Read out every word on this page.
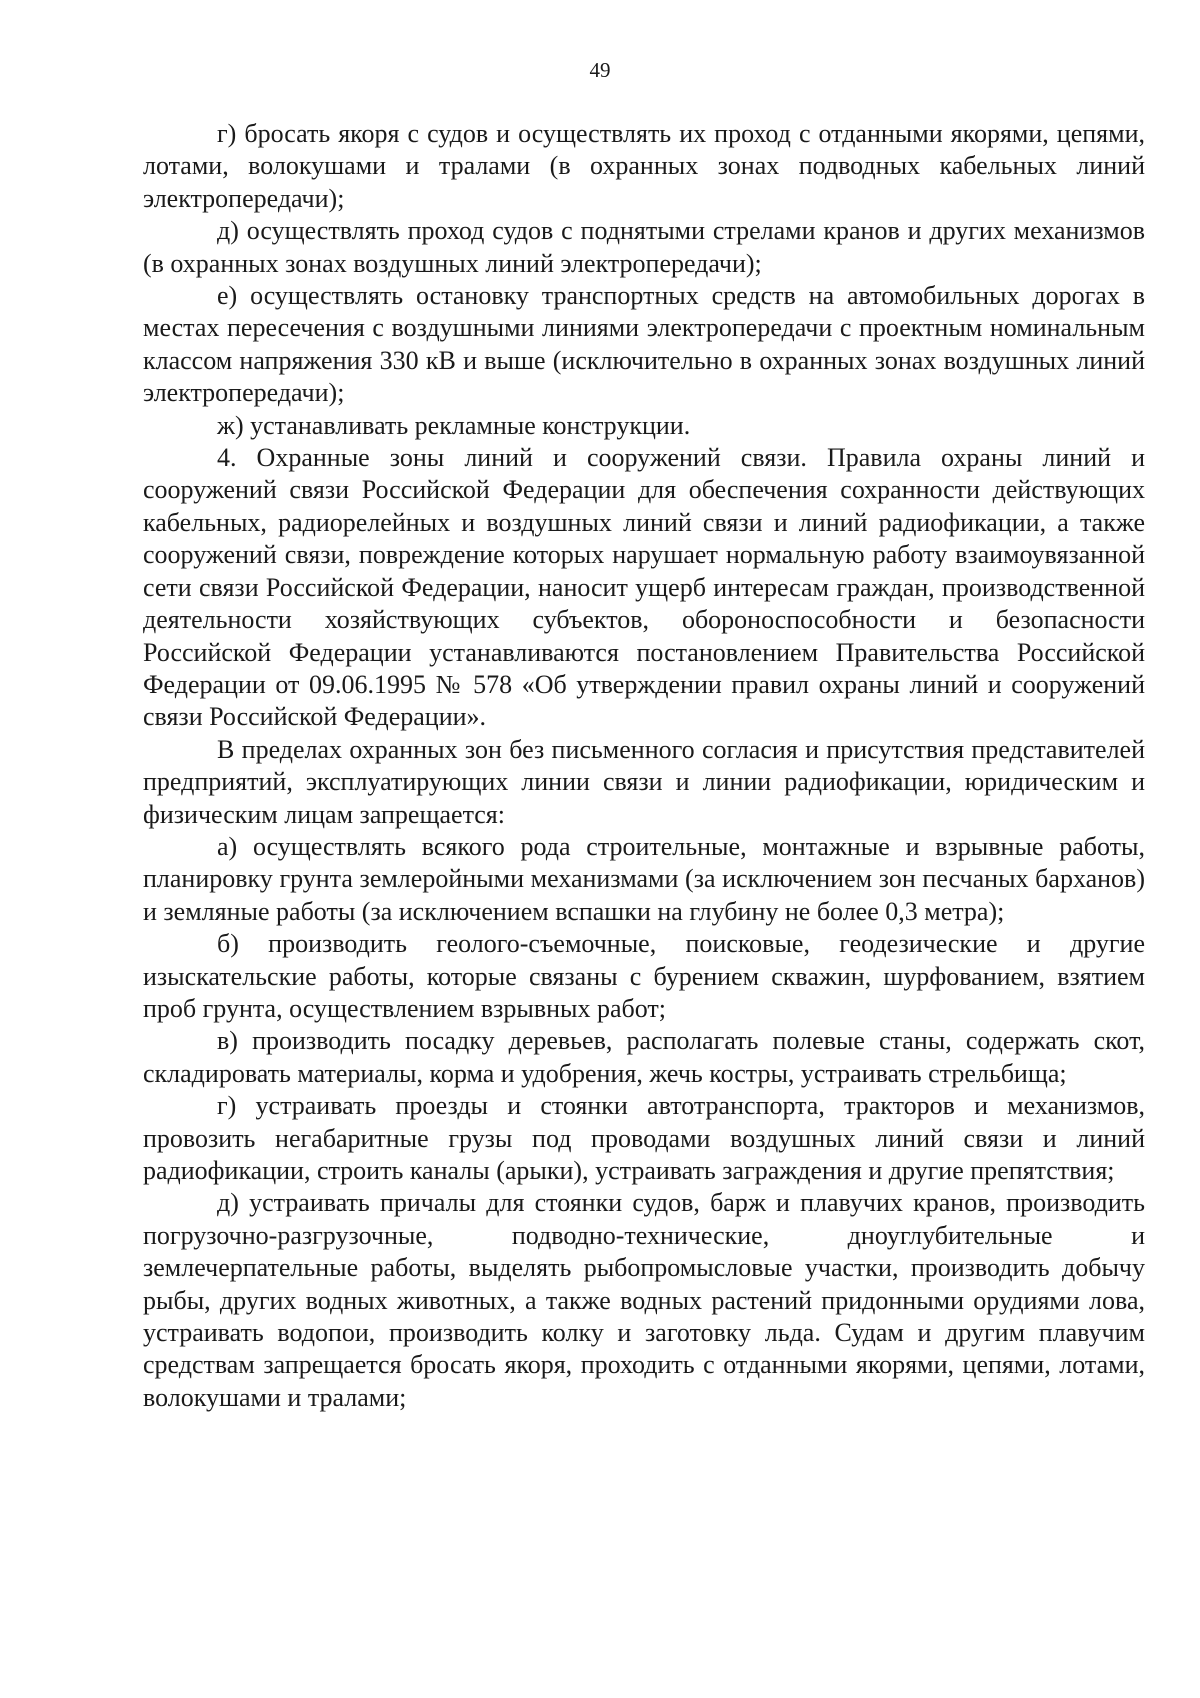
49

г) бросать якоря с судов и осуществлять их проход с отданными якорями, цепями, лотами, волокушами и тралами (в охранных зонах подводных кабельных линий электропередачи);

д) осуществлять проход судов с поднятыми стрелами кранов и других механизмов (в охранных зонах воздушных линий электропередачи);

е) осуществлять остановку транспортных средств на автомобильных дорогах в местах пересечения с воздушными линиями электропередачи с проектным номинальным классом напряжения 330 кВ и выше (исключительно в охранных зонах воздушных линий электропередачи);

ж) устанавливать рекламные конструкции.

4. Охранные зоны линий и сооружений связи. Правила охраны линий и сооружений связи Российской Федерации для обеспечения сохранности действующих кабельных, радиорелейных и воздушных линий связи и линий радиофикации, а также сооружений связи, повреждение которых нарушает нормальную работу взаимоувязанной сети связи Российской Федерации, наносит ущерб интересам граждан, производственной деятельности хозяйствующих субъектов, обороноспособности и безопасности Российской Федерации устанавливаются постановлением Правительства Российской Федерации от 09.06.1995 № 578 «Об утверждении правил охраны линий и сооружений связи Российской Федерации».

В пределах охранных зон без письменного согласия и присутствия представителей предприятий, эксплуатирующих линии связи и линии радиофикации, юридическим и физическим лицам запрещается:

а) осуществлять всякого рода строительные, монтажные и взрывные работы, планировку грунта землеройными механизмами (за исключением зон песчаных барханов) и земляные работы (за исключением вспашки на глубину не более 0,3 метра);

б) производить геолого-съемочные, поисковые, геодезические и другие изыскательские работы, которые связаны с бурением скважин, шурфованием, взятием проб грунта, осуществлением взрывных работ;

в) производить посадку деревьев, располагать полевые станы, содержать скот, складировать материалы, корма и удобрения, жечь костры, устраивать стрельбища;

г) устраивать проезды и стоянки автотранспорта, тракторов и механизмов, провозить негабаритные грузы под проводами воздушных линий связи и линий радиофикации, строить каналы (арыки), устраивать заграждения и другие препятствия;

д) устраивать причалы для стоянки судов, барж и плавучих кранов, производить погрузочно-разгрузочные, подводно-технические, дноуглубительные и землечерпательные работы, выделять рыбопромысловые участки, производить добычу рыбы, других водных животных, а также водных растений придонными орудиями лова, устраивать водопои, производить колку и заготовку льда. Судам и другим плавучим средствам запрещается бросать якоря, проходить с отданными якорями, цепями, лотами, волокушами и тралами;
